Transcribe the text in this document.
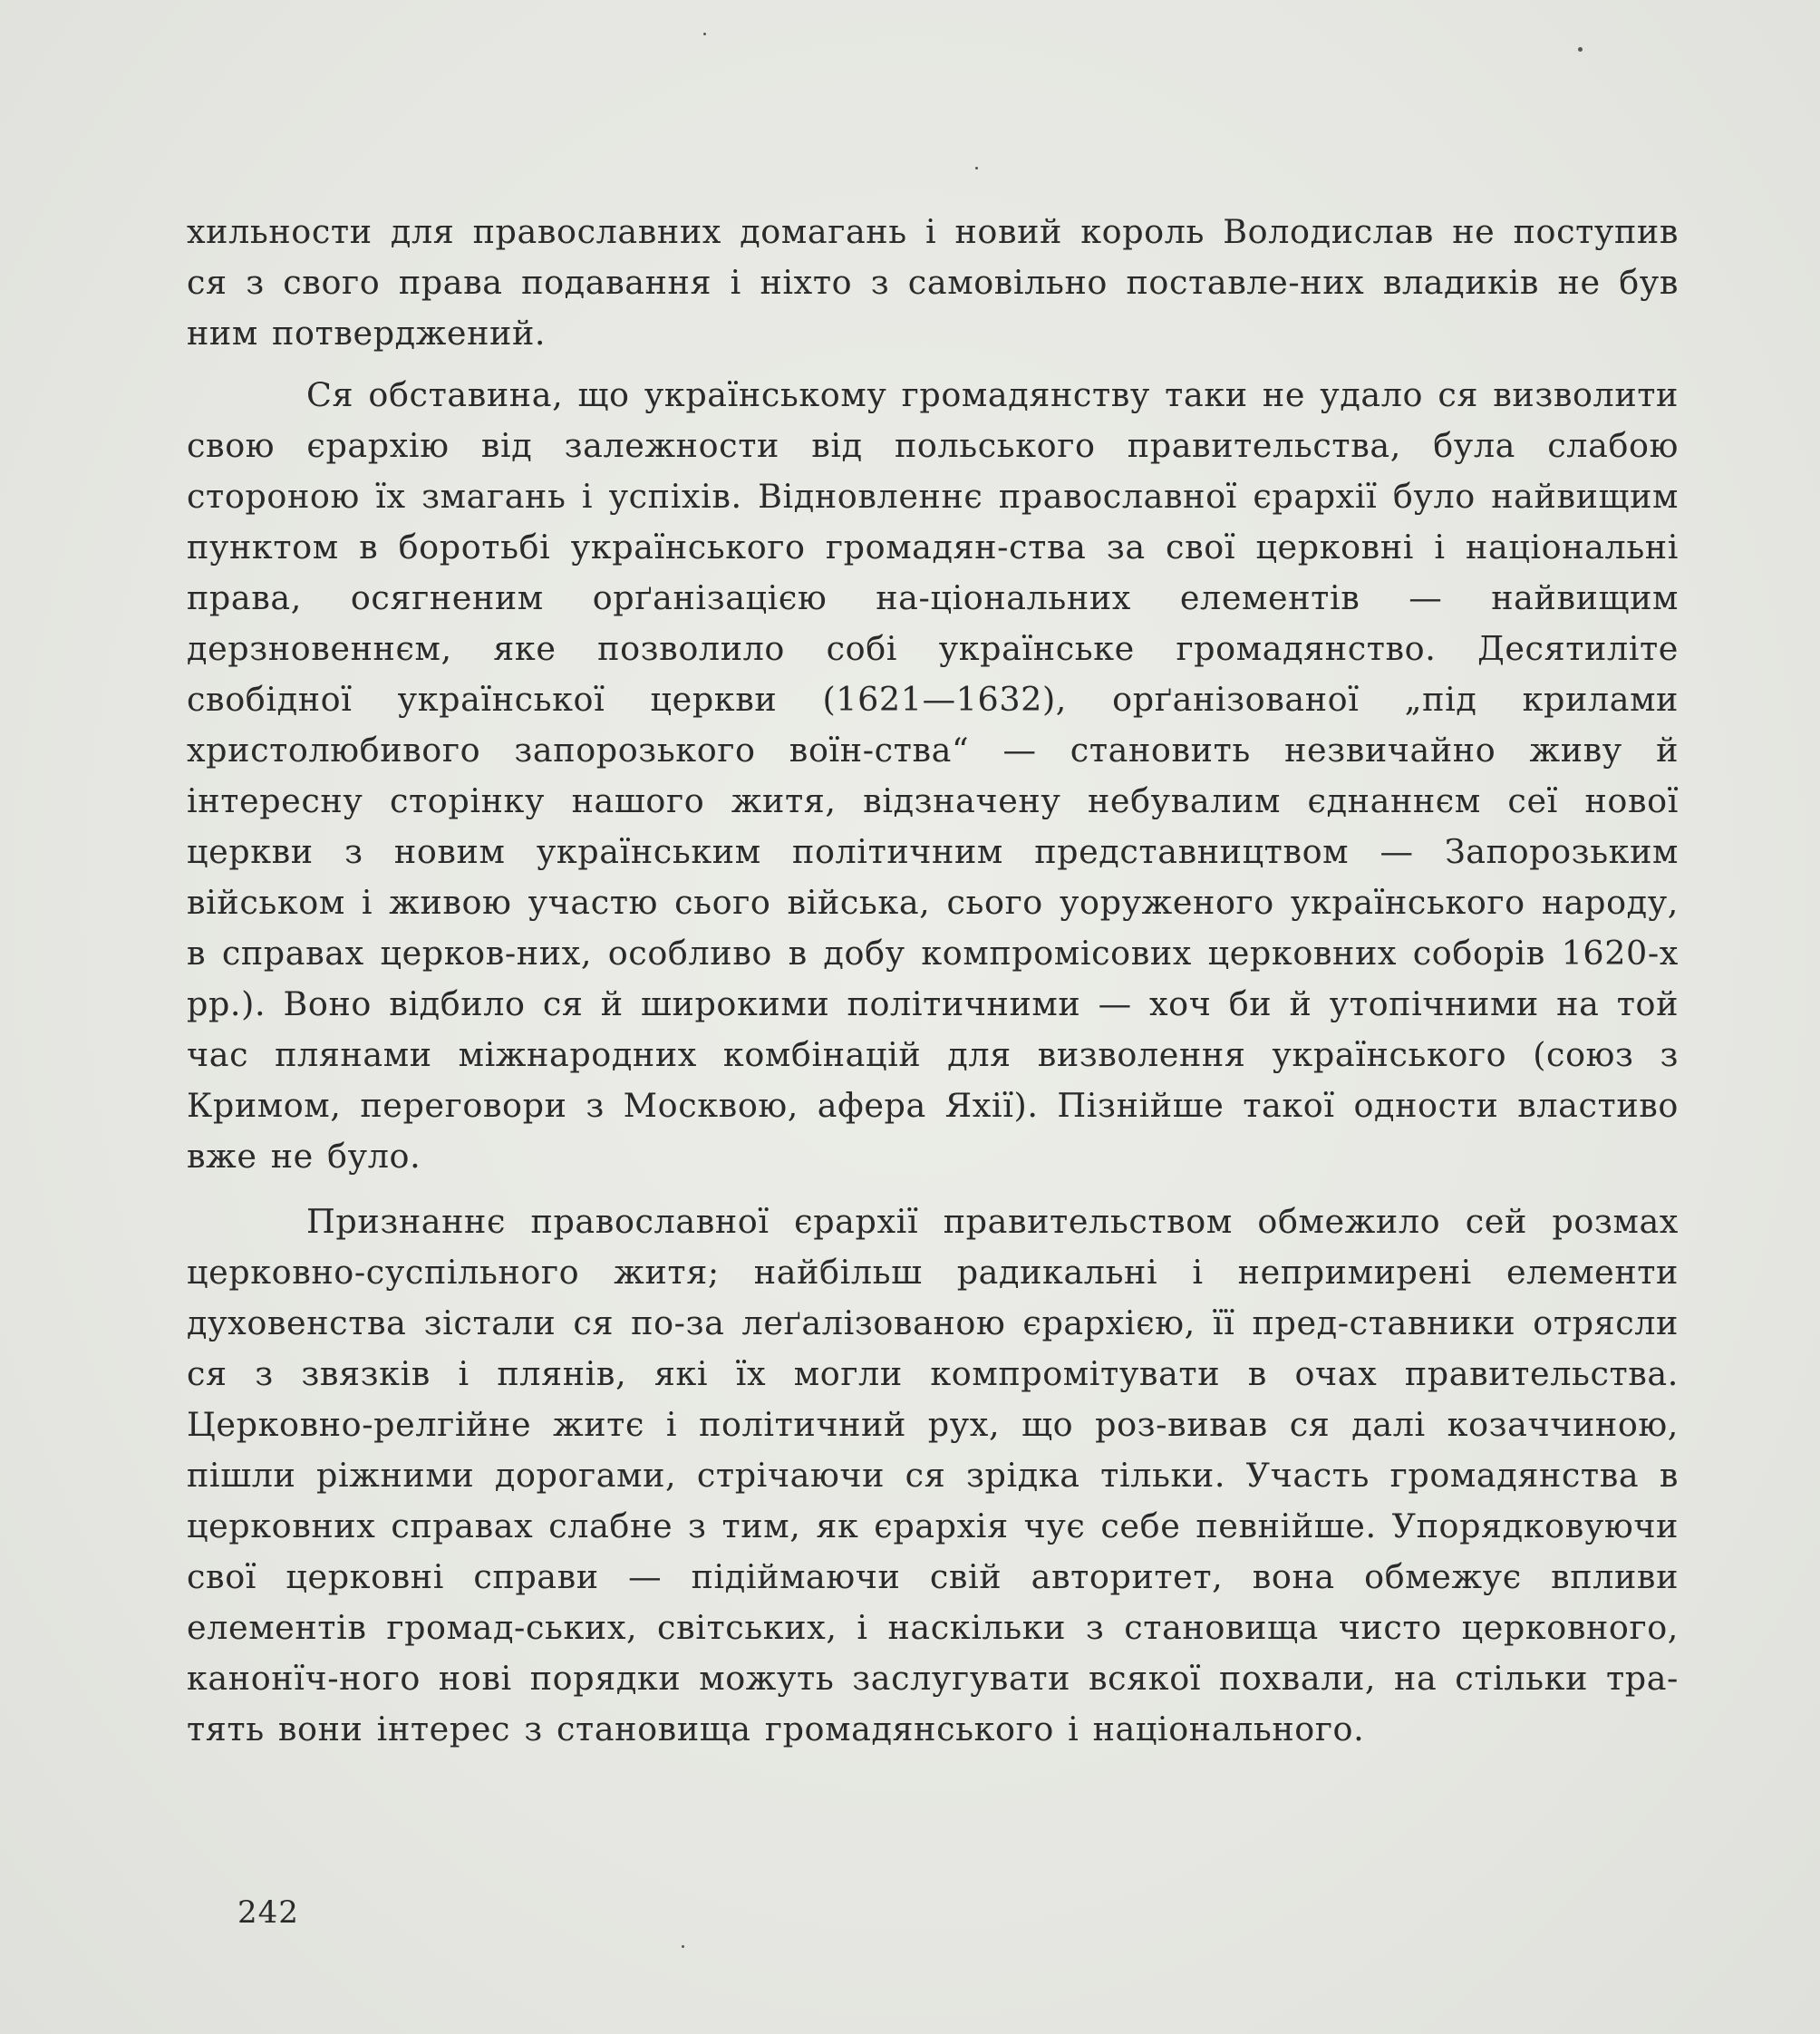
хильности для православних домагань і новий король Володислав не поступив ся з свого права подавання і ніхто з самовільно поставле-них владиків не був ним потверджений.

Ся обставина, що українському громадянству таки не удало ся визволити свою єрархію від залежности від польського правительства, була слабою стороною їх змагань і успіхів. Відновленнє православної єрархії було найвищим пунктом в боротьбі українського громадян-ства за свої церковні і національні права, осягненим орґанізацією на-ціональних елементів — найвищим дерзновеннєм, яке позволило собі українське громадянство. Десятиліте свобідної української церкви (1621—1632), орґанізованої „під крилами христолюбивого запорозького воїн-ства“ — становить незвичайно живу й інтересну сторінку нашого житя, відзначену небувалим єднаннєм сеї нової церкви з новим українським політичним представництвом — Запорозьким військом і живою участю сього війська, сього уоруженого українського народу, в справах церков-них, особливо в добу компромісових церковних соборів 1620-х рр.). Воно відбило ся й широкими політичними — хоч би й утопічними на той час плянами міжнародних комбінацій для визволення українського (союз з Кримом, переговори з Москвою, афера Яхії). Пізнійше такої одности властиво вже не було.

Признаннє православної єрархії правительством обмежило сей розмах церковно-суспільного житя; найбільш радикальні і непримирені елементи духовенства зістали ся по-за леґалізованою єрархією, її пред-ставники отрясли ся з звязків і плянів, які їх могли компромітувати в очах правительства. Церковно-релгійне житє і політичний рух, що роз-вивав ся далі козаччиною, пішли ріжними дорогами, стрічаючи ся зрідка тільки. Участь громадянства в церковних справах слабне з тим, як єрархія чує себе певнійше. Упорядковуючи свої церковні справи — підіймаючи свій авторитет, вона обмежує впливи елементів громад-ських, світських, і наскільки з становища чисто церковного, канонїч-ного нові порядки можуть заслугувати всякої похвали, на стільки тра-тять вони інтерес з становища громадянського і національного.

242
